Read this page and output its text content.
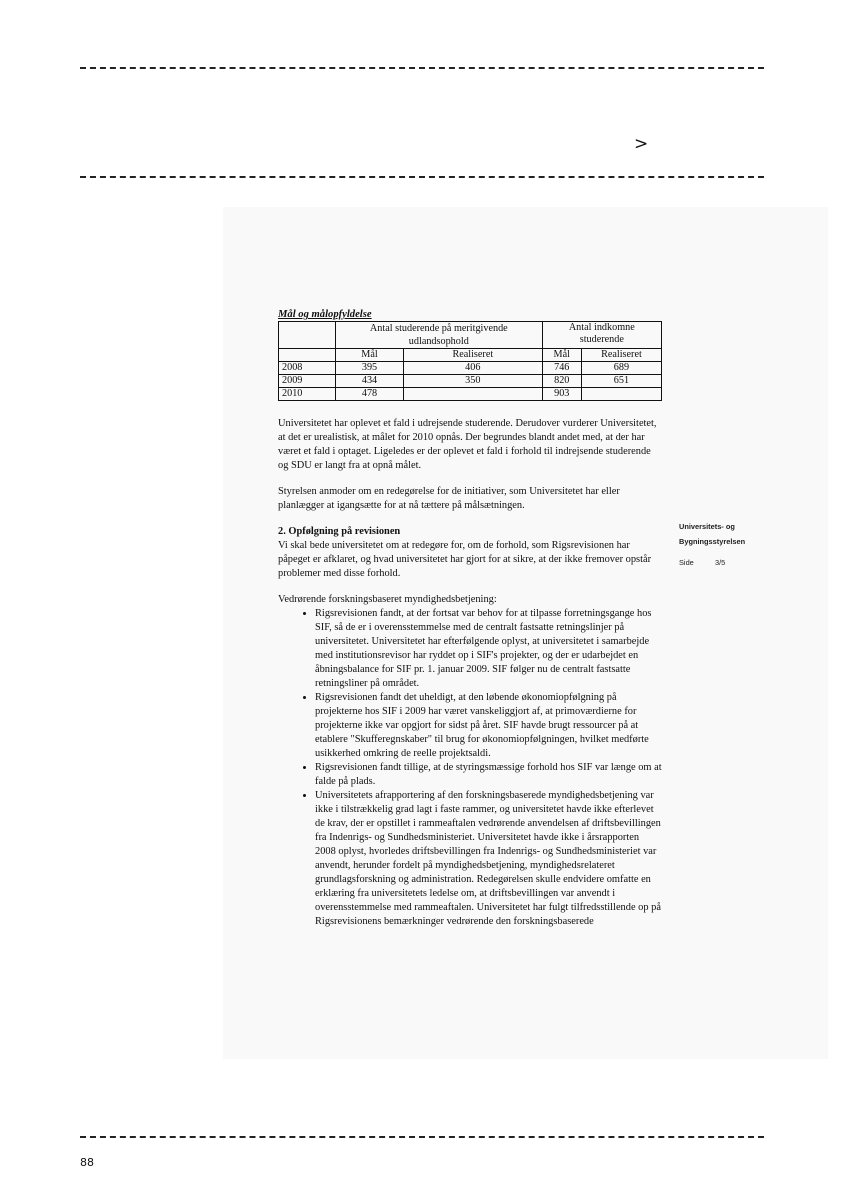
>
Mål og målopfyldelse
	Antal studerende på meritgivende udlandsophold		Antal indkomne studerende	
	Mål	Realiseret	Mål	Realiseret
2008	395	406	746	689
2009	434	350	820	651
2010	478		903	

Universitetet har oplevet et fald i udrejsende studerende. Derudover vurderer Universitetet, at det er urealistisk, at målet for 2010 opnås. Der begrundes blandt andet med, at der har været et fald i optaget. Ligeledes er der oplevet et fald i forhold til indrejsende studerende og SDU er langt fra at opnå målet.

Styrelsen anmoder om en redegørelse for de initiativer, som Universitetet har eller planlægger at igangsætte for at nå tættere på målsætningen.

2. Opfølgning på revisionen

Vi skal bede universitetet om at redegøre for, om de forhold, som Rigsrevisionen har påpeget er afklaret, og hvad universitetet har gjort for at sikre, at der ikke fremover opstår problemer med disse forhold.

Vedrørende forskningsbaseret myndighedsbetjening:

• Rigsrevisionen fandt, at der fortsat var behov for at tilpasse forretningsgange hos SIF, så de er i overensstemmelse med de centralt fastsatte retningslinjer på universitetet. Universitetet har efterfølgende oplyst, at universitetet i samarbejde med institutionsrevisor har ryddet op i SIF's projekter, og der er udarbejdet en åbningsbalance for SIF pr. 1. januar 2009. SIF følger nu de centralt fastsatte retningsliner på området.
• Rigsrevisionen fandt det uheldigt, at den løbende økonomiopfølgning på projekterne hos SIF i 2009 har været vanskeliggjort af, at primoværdierne for projekterne ikke var opgjort for sidst på året. SIF havde brugt ressourcer på at etablere "Skufferegnskaber" til brug for økonomiopfølgningen, hvilket medførte usikkerhed omkring de reelle projektsaldi.
• Rigsrevisionen fandt tillige, at de styringsmæssige forhold hos SIF var længe om at falde på plads.
• Universitetets afrapportering af den forskningsbaserede myndighedsbetjening var ikke i tilstrækkelig grad lagt i faste rammer, og universitetet havde ikke efterlevet de krav, der er opstillet i rammeaftalen vedrørende anvendelsen af driftsbevillingen fra Indenrigs- og Sundhedsministeriet. Universitetet havde ikke i årsrapporten 2008 oplyst, hvorledes driftsbevillingen fra Indenrigs- og Sundhedsministeriet var anvendt, herunder fordelt på myndighedsbetjening, myndighedsrelateret grundlagsforskning og administration. Redegørelsen skulle endvidere omfatte en erklæring fra universitetets ledelse om, at driftsbevillingen var anvendt i overensstemmelse med rammeaftalen. Universitetet har fulgt tilfredsstillende op på Rigsrevisionens bemærkninger vedrørende den forskningsbaserede
Universitets- og
Bygningsstyrelsen
Side	3/5
88
